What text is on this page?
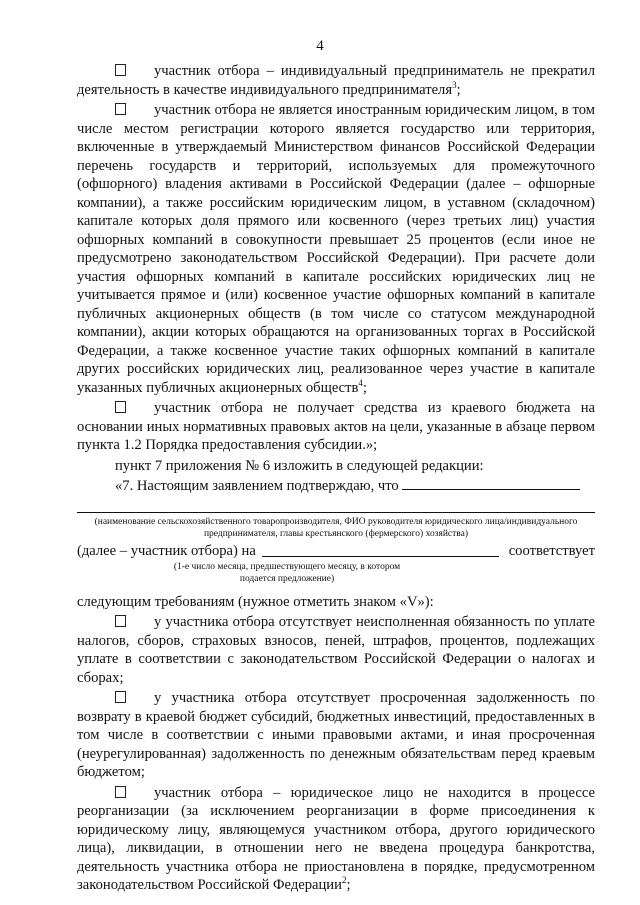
4

участник отбора – индивидуальный предприниматель не прекратил деятельность в качестве индивидуального предпринимателя$^3$;

участник отбора не является иностранным юридическим лицом, в том числе местом регистрации которого является государство или территория, включенные в утверждаемый Министерством финансов Российской Федерации перечень государств и территорий, используемых для промежуточного (офшорного) владения активами в Российской Федерации (далее – офшорные компании), а также российским юридическим лицом, в уставном (складочном) капитале которых доля прямого или косвенного (через третьих лиц) участия офшорных компаний в совокупности превышает 25 процентов (если иное не предусмотрено законодательством Российской Федерации). При расчете доли участия офшорных компаний в капитале российских юридических лиц не учитывается прямое и (или) косвенное участие офшорных компаний в капитале публичных акционерных обществ (в том числе со статусом международной компании), акции которых обращаются на организованных торгах в Российской Федерации, а также косвенное участие таких офшорных компаний в капитале других российских юридических лиц, реализованное через участие в капитале указанных публичных акционерных обществ$^4$;

участник отбора не получает средства из краевого бюджета на основании иных нормативных правовых актов на цели, указанные в абзаце первом пункта 1.2 Порядка предоставления субсидии.»;

пункт 7 приложения № 6 изложить в следующей редакции:

«7. Настоящим заявлением подтверждаю, что

(наименование сельскохозяйственного товаропроизводителя, ФИО руководителя юридического лица/индивидуального предпринимателя, главы крестьянского (фермерского) хозяйства)
(далее – участник отбора) на	соответствует
(1-е число месяца, предшествующего месяцу, в котором подается предложение)

следующим требованиям (нужное отметить знаком «V»):

у участника отбора отсутствует неисполненная обязанность по уплате налогов, сборов, страховых взносов, пеней, штрафов, процентов, подлежащих уплате в соответствии с законодательством Российской Федерации о налогах и сборах;

у участника отбора отсутствует просроченная задолженность по возврату в краевой бюджет субсидий, бюджетных инвестиций, предоставленных в том числе в соответствии с иными правовыми актами, и иная просроченная (неурегулированная) задолженность по денежным обязательствам перед краевым бюджетом;

участник отбора – юридическое лицо не находится в процессе реорганизации (за исключением реорганизации в форме присоединения к юридическому лицу, являющемуся участником отбора, другого юридического лица), ликвидации, в отношении него не введена процедура банкротства, деятельность участника отбора не приостановлена в порядке, предусмотренном законодательством Российской Федерации$^2$;
